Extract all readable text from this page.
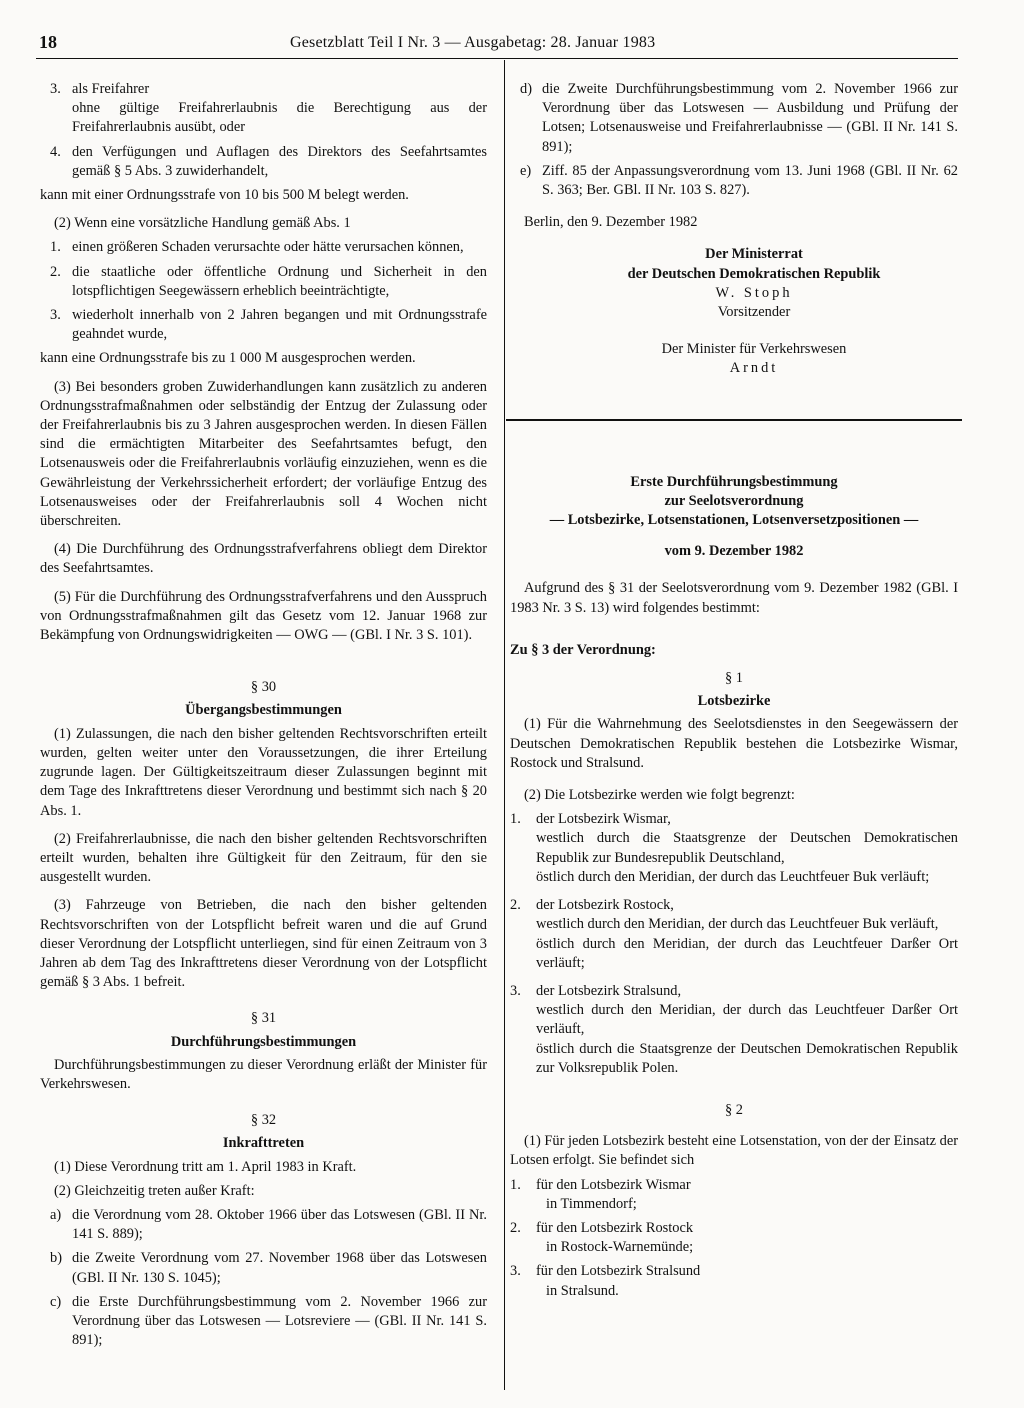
18	Gesetzblatt Teil I Nr. 3 — Ausgabetag: 28. Januar 1983
3. als Freifahrer
ohne gültige Freifahrerlaubnis die Berechtigung aus der Freifahrerlaubnis ausübt, oder
4. den Verfügungen und Auflagen des Direktors des Seefahrtsamtes gemäß § 5 Abs. 3 zuwiderhandelt,

kann mit einer Ordnungsstrafe von 10 bis 500 M belegt werden.

(2) Wenn eine vorsätzliche Handlung gemäß Abs. 1

1. einen größeren Schaden verursachte oder hätte verursachen können,
2. die staatliche oder öffentliche Ordnung und Sicherheit in den lotspflichtigen Seegewässern erheblich beeinträchtigte,
3. wiederholt innerhalb von 2 Jahren begangen und mit Ordnungsstrafe geahndet wurde,

kann eine Ordnungsstrafe bis zu 1 000 M ausgesprochen werden.

(3) Bei besonders groben Zuwiderhandlungen kann zusätzlich zu anderen Ordnungsstrafmaßnahmen oder selbständig der Entzug der Zulassung oder der Freifahrerlaubnis bis zu 3 Jahren ausgesprochen werden. In diesen Fällen sind die ermächtigten Mitarbeiter des Seefahrtsamtes befugt, den Lotsenausweis oder die Freifahrerlaubnis vorläufig einzuziehen, wenn es die Gewährleistung der Verkehrssicherheit erfordert; der vorläufige Entzug des Lotsenausweises oder der Freifahrerlaubnis soll 4 Wochen nicht überschreiten.

(4) Die Durchführung des Ordnungsstrafverfahrens obliegt dem Direktor des Seefahrtsamtes.

(5) Für die Durchführung des Ordnungsstrafverfahrens und den Ausspruch von Ordnungsstrafmaßnahmen gilt das Gesetz vom 12. Januar 1968 zur Bekämpfung von Ordnungswidrigkeiten — OWG — (GBl. I Nr. 3 S. 101).

§ 30

Übergangsbestimmungen

(1) Zulassungen, die nach den bisher geltenden Rechtsvorschriften erteilt wurden, gelten weiter unter den Voraussetzungen, die ihrer Erteilung zugrunde lagen. Der Gültigkeitszeitraum dieser Zulassungen beginnt mit dem Tage des Inkrafttretens dieser Verordnung und bestimmt sich nach § 20 Abs. 1.

(2) Freifahrerlaubnisse, die nach den bisher geltenden Rechtsvorschriften erteilt wurden, behalten ihre Gültigkeit für den Zeitraum, für den sie ausgestellt wurden.

(3) Fahrzeuge von Betrieben, die nach den bisher geltenden Rechtsvorschriften von der Lotspflicht befreit waren und die auf Grund dieser Verordnung der Lotspflicht unterliegen, sind für einen Zeitraum von 3 Jahren ab dem Tag des Inkrafttretens dieser Verordnung von der Lotspflicht gemäß § 3 Abs. 1 befreit.

§ 31

Durchführungsbestimmungen

Durchführungsbestimmungen zu dieser Verordnung erläßt der Minister für Verkehrswesen.

§ 32

Inkrafttreten

(1) Diese Verordnung tritt am 1. April 1983 in Kraft.

(2) Gleichzeitig treten außer Kraft:

a) die Verordnung vom 28. Oktober 1966 über das Lotswesen (GBl. II Nr. 141 S. 889);
b) die Zweite Verordnung vom 27. November 1968 über das Lotswesen (GBl. II Nr. 130 S. 1045);
c) die Erste Durchführungsbestimmung vom 2. November 1966 zur Verordnung über das Lotswesen — Lotsreviere — (GBl. II Nr. 141 S. 891);
d) die Zweite Durchführungsbestimmung vom 2. November 1966 zur Verordnung über das Lotswesen — Ausbildung und Prüfung der Lotsen; Lotsenausweise und Freifahrerlaubnisse — (GBl. II Nr. 141 S. 891);
e) Ziff. 85 der Anpassungsverordnung vom 13. Juni 1968 (GBl. II Nr. 62 S. 363; Ber. GBl. II Nr. 103 S. 827).

Berlin, den 9. Dezember 1982

Der Ministerrat

der Deutschen Demokratischen Republik

W. Stoph

Vorsitzender

Der Minister für Verkehrswesen

Arndt

Erste Durchführungsbestimmung

zur Seelotsverordnung

— Lotsbezirke, Lotsenstationen, Lotsenversetzpositionen —

vom 9. Dezember 1982

Aufgrund des § 31 der Seelotsverordnung vom 9. Dezember 1982 (GBl. I 1983 Nr. 3 S. 13) wird folgendes bestimmt:

Zu § 3 der Verordnung:

§ 1

Lotsbezirke

(1) Für die Wahrnehmung des Seelotsdienstes in den Seegewässern der Deutschen Demokratischen Republik bestehen die Lotsbezirke Wismar, Rostock und Stralsund.

(2) Die Lotsbezirke werden wie folgt begrenzt:

1.	der Lotsbezirk Wismar,
westlich durch die Staatsgrenze der Deutschen Demokratischen Republik zur Bundesrepublik Deutschland,
östlich durch den Meridian, der durch das Leuchtfeuer Buk verläuft;
2.	der Lotsbezirk Rostock,
westlich durch den Meridian, der durch das Leuchtfeuer Buk verläuft,
östlich durch den Meridian, der durch das Leuchtfeuer Darßer Ort verläuft;
3.	der Lotsbezirk Stralsund,
westlich durch den Meridian, der durch das Leuchtfeuer Darßer Ort verläuft,
östlich durch die Staatsgrenze der Deutschen Demokratischen Republik zur Volksrepublik Polen.

§ 2

(1) Für jeden Lotsbezirk besteht eine Lotsenstation, von der der Einsatz der Lotsen erfolgt. Sie befindet sich

1.	für den Lotsbezirk Wismar
in Timmendorf;
2.	für den Lotsbezirk Rostock
in Rostock-Warnemünde;
3.	für den Lotsbezirk Stralsund
in Stralsund.
